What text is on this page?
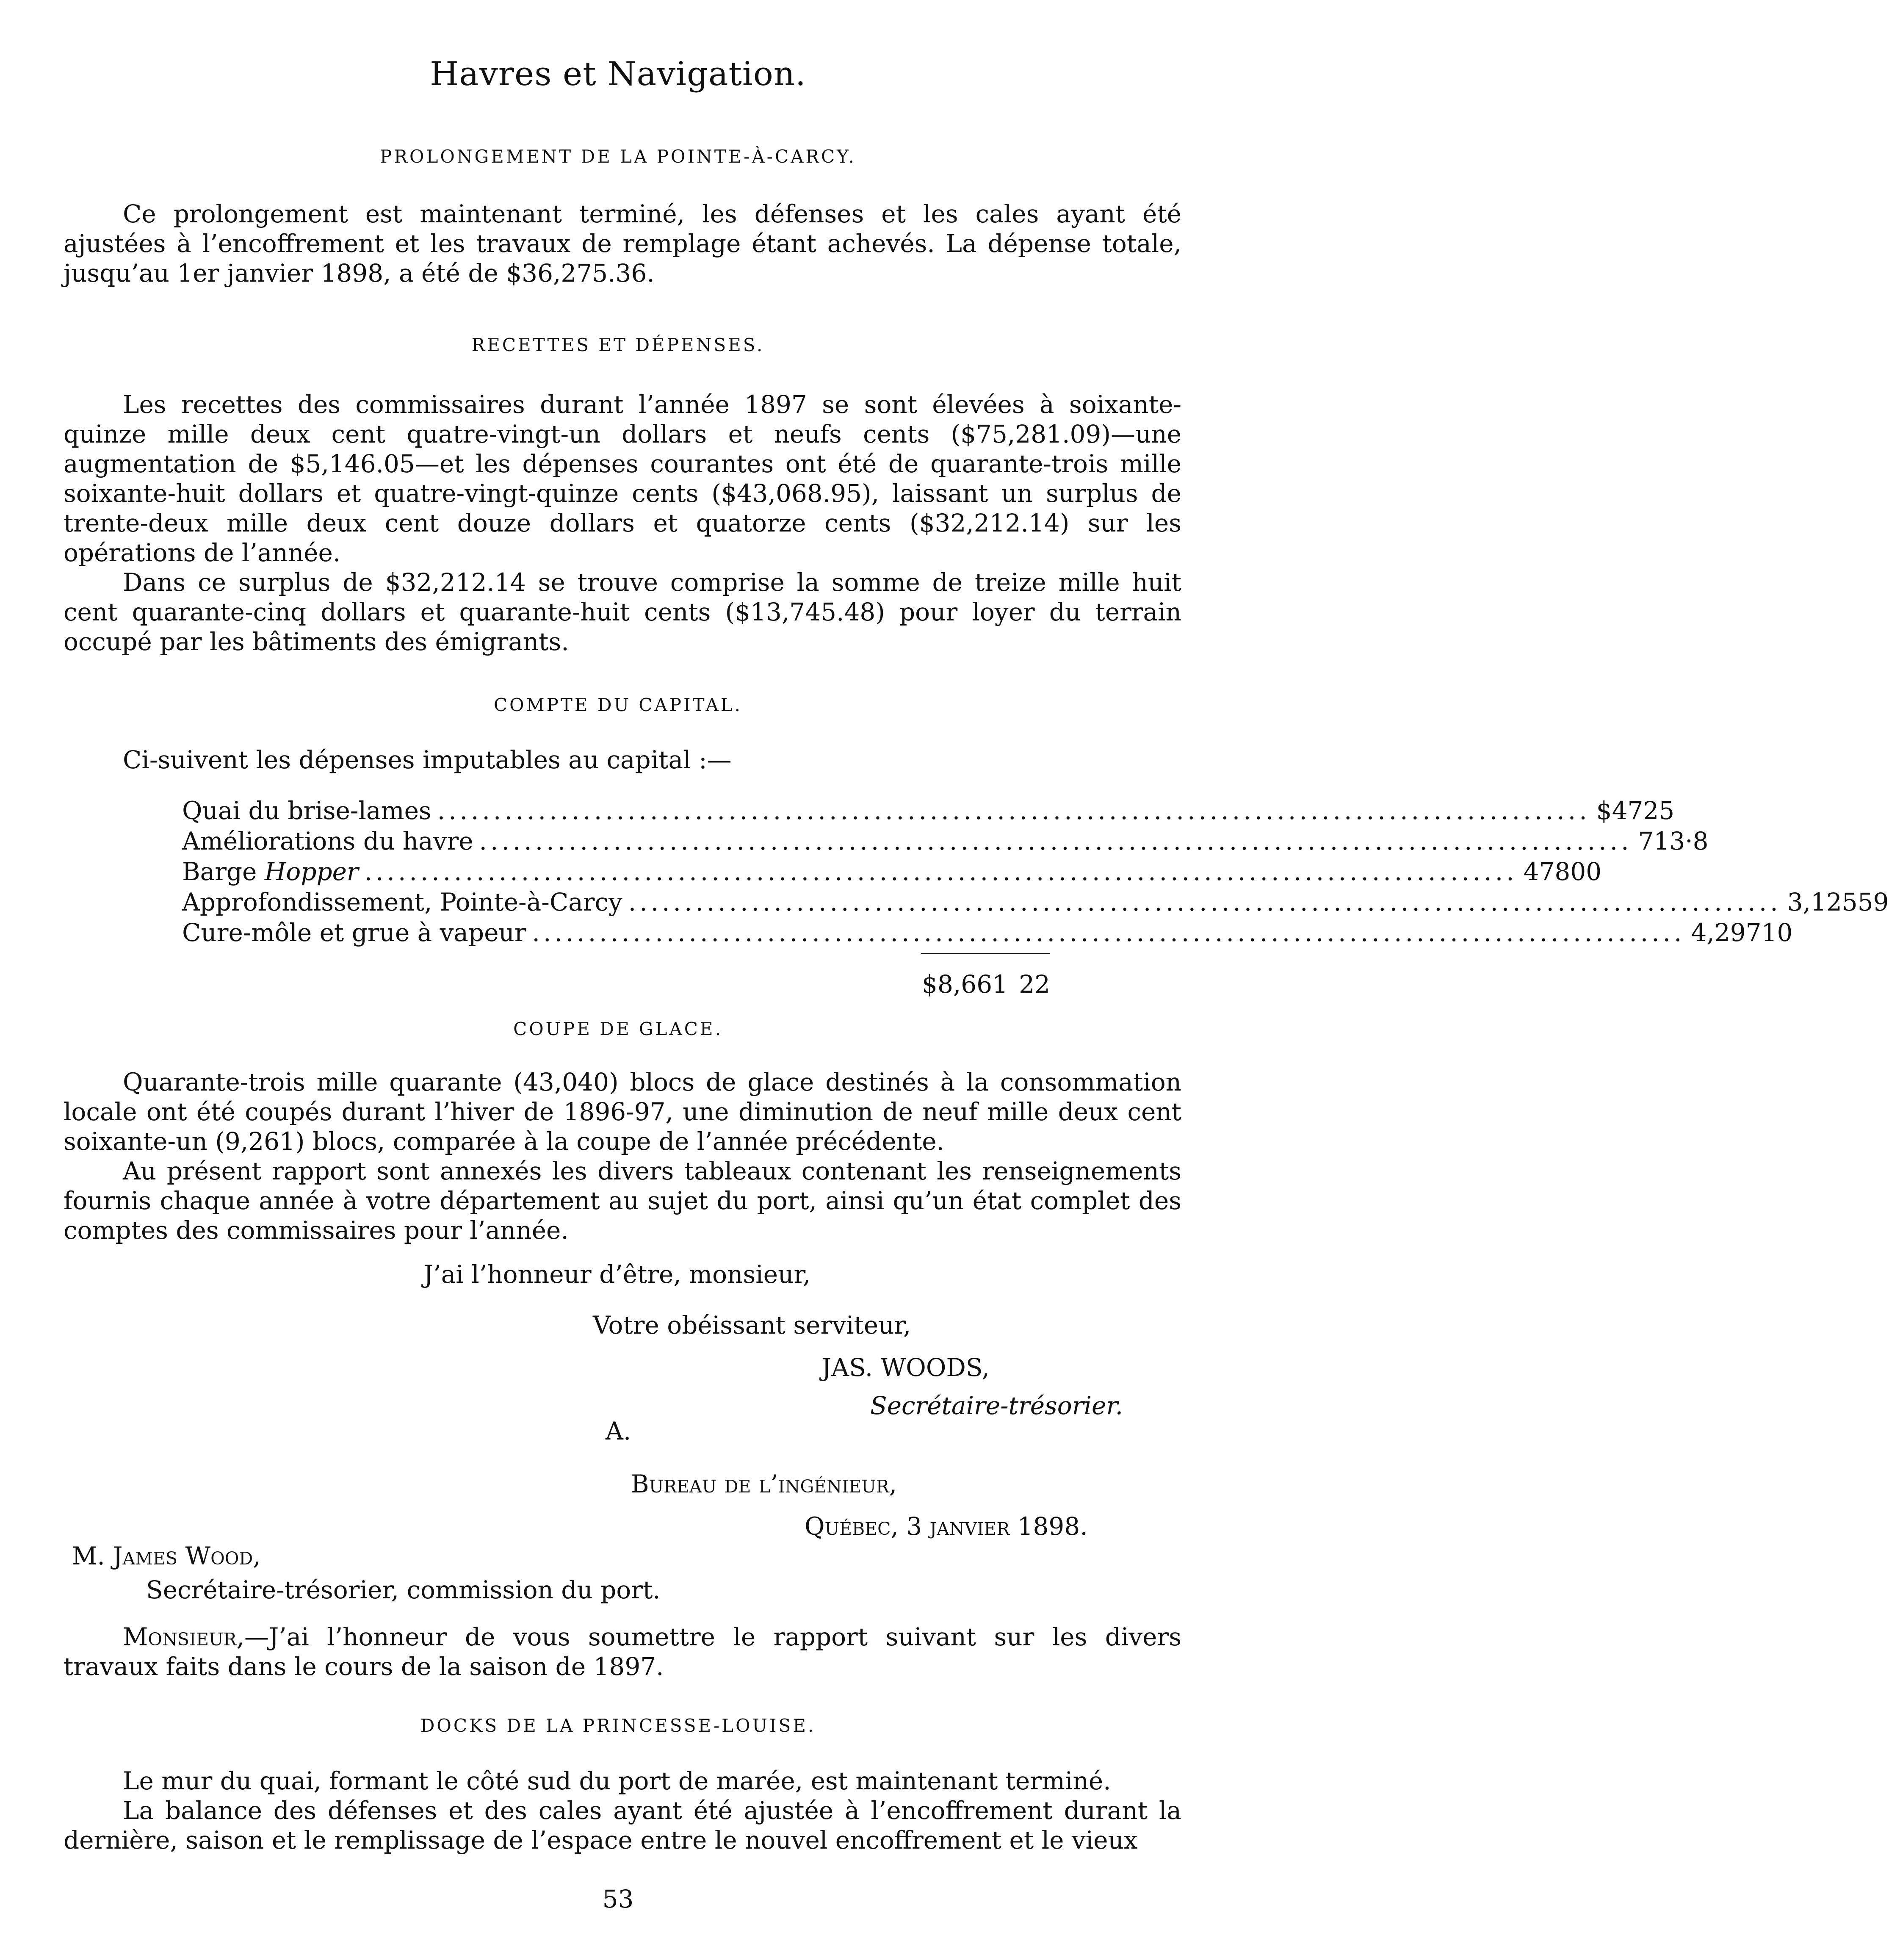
Havres et Navigation.
PROLONGEMENT DE LA POINTE-À-CARCY.
Ce prolongement est maintenant terminé, les défenses et les cales ayant été ajustées à l’encoffrement et les travaux de remplage étant achevés. La dépense totale, jusqu’au 1er janvier 1898, a été de $36,275.36.
RECETTES ET DÉPENSES.
Les recettes des commissaires durant l’année 1897 se sont élevées à soixante-quinze mille deux cent quatre-vingt-un dollars et neufs cents ($75,281.09)—une augmentation de $5,146.05—et les dépenses courantes ont été de quarante-trois mille soixante-huit dollars et quatre-vingt-quinze cents ($43,068.95), laissant un surplus de trente-deux mille deux cent douze dollars et quatorze cents ($32,212.14) sur les opérations de l’année.
Dans ce surplus de $32,212.14 se trouve comprise la somme de treize mille huit cent quarante-cinq dollars et quarante-huit cents ($13,745.48) pour loyer du terrain occupé par les bâtiments des émigrants.
COMPTE DU CAPITAL.
Ci-suivent les dépenses imputables au capital :—
Quai du brise-lames ....................................................................................................... $ 47 25
Améliorations du havre ....................................................................................................... 713 ·8
Barge Hopper ....................................................................................................... 478 00
Approfondissement, Pointe-à-Carcy ....................................................................................................... 3,125 59
Cure-môle et grue à vapeur ....................................................................................................... 4,297 10
$8,661 22
COUPE DE GLACE.
Quarante-trois mille quarante (43,040) blocs de glace destinés à la consommation locale ont été coupés durant l’hiver de 1896-97, une diminution de neuf mille deux cent soixante-un (9,261) blocs, comparée à la coupe de l’année précédente.
Au présent rapport sont annexés les divers tableaux contenant les renseignements fournis chaque année à votre département au sujet du port, ainsi qu’un état complet des comptes des commissaires pour l’année.
J’ai l’honneur d’être, monsieur,
Votre obéissant serviteur,
JAS. WOODS,
Secrétaire-trésorier.
A.
Bureau de l’ingénieur,
Québec, 3 janvier 1898.
M. James Wood,
Secrétaire-trésorier, commission du port.
Monsieur,—J’ai l’honneur de vous soumettre le rapport suivant sur les divers travaux faits dans le cours de la saison de 1897.
DOCKS DE LA PRINCESSE-LOUISE.
Le mur du quai, formant le côté sud du port de marée, est maintenant terminé.
La balance des défenses et des cales ayant été ajustée à l’encoffrement durant la dernière, saison et le remplissage de l’espace entre le nouvel encoffrement et le vieux
53
